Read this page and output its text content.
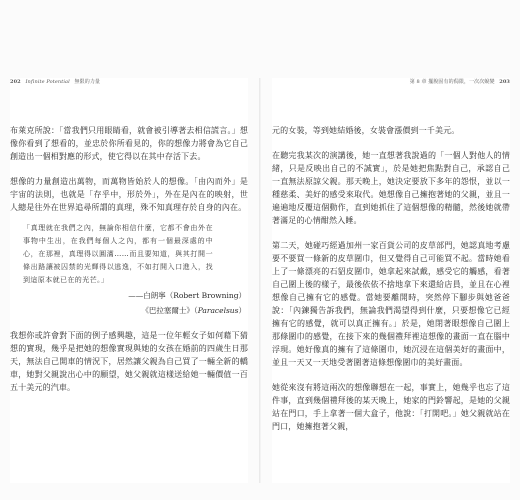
202 Infinite Potential 無限的力量

布萊克所說：「當我們只用眼睛看，就會被引導著去相信謊言。」想像你看到了想看的，並忠於你所看見的，你的想像力將會為它自己創造出一個相對應的形式，使它得以在其中存活下去。

想像的力量創造出萬物，而萬物皆始於人的想像。「由內而外」是宇宙的法則，也就是「存乎中，形於外」，外在是內在的映射，世人總是往外在世界追尋所謂的真理，殊不知真理存於自身的內在。

「真理就在我們之內，無論你相信什麼，它都不會由外在事物中生出，在我們每個人之內，都有一個最深處的中心，在那裡，真理得以圓滿……而且要知道，與其打開一條出路讓被囚禁的光輝得以逃逸，不如打開入口進入，找到這原本就已在的光芒。」
——白朗寧（Robert Browning）
《巴拉塞爾士》（Paracelsus）

我想你或許會對下面的例子感興趣，這是一位年輕女子如何藉下猜想的實現，幾乎是把她的想像實現與她的女孩在婚前的四歲生日那天，無法自己開車的情況下，居然讓父親為自己買了一輛全新的轎車，她對父親說出心中的願望，她父親就這樣送給她一輛價值一百五十美元的汽車。

第 8 章 擺脫固有的侷限，一次次蛻變 203

元的女裝，等到她結婚後，女裝會漲價到一千美元。

在聽完我某次的演講後，她一直想著我說過的「一個人對他人的情緒，只是反映出自己的不誠實」，於是她把焦點對自己，承認自己一直無法原諒父親。那天晚上，她決定要放下多年的怨恨，並以一種慈柔、美好的感受來取代。她想像自己擁抱著她的父親，並且一遍遍地反覆這個動作，直到她抓住了這個想像的精髓，然後她就帶著滿足的心情酣然入睡。

第二天，她碰巧經過加州一家百貨公司的皮草部門，她認真地考慮要不要買一條新的皮草圍巾，但又覺得自己可能買不起。當時她看上了一條漂亮的石貂皮圍巾，她拿起來試戴，感受它的觸感，看著自己圍上後的樣子，最後依依不捨地拿下來還給店員，並且在心裡想像自己擁有它的感覺。當她要離開時，突然停下腳步與她爸爸說：「內鍊獨告訴我們，無論我們渴望得到什麼，只要想像它已經擁有它的感覺，就可以真正擁有。」於是，她閉著眼想像自己圍上那條圍巾的感覺，在接下來的幾個禮拜裡這想像的畫面一直在腦中浮現。她好像真的擁有了這條圍巾，她沉浸在這個美好的畫面中，並且一天又一天地受著圍著這條想像圍巾的美好畫面。

她從來沒有將這兩次的想像聯想在一起，事實上，她幾乎也忘了這件事，直到幾個禮拜後的某天晚上，她家的門鈴響起，是她的父親站在門口，手上拿著一個大盒子，他說：「打開吧。」她父親就站在門口，她擁抱著父親，
